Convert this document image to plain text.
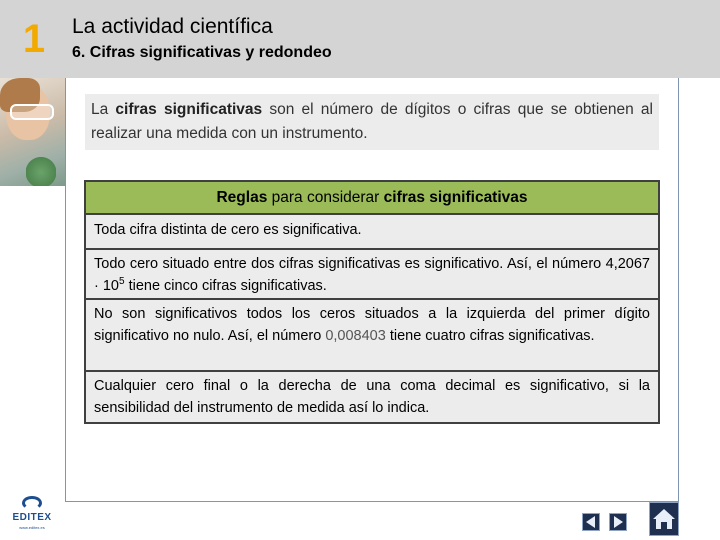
1	La actividad científica
6. Cifras significativas y redondeo
La cifras significativas son el número de dígitos o cifras que se obtienen al realizar una medida con un instrumento.
Reglas para considerar cifras significativas
Toda cifra distinta de cero es significativa.
Todo cero situado entre dos cifras significativas es significativo. Así, el número $4,2067 \cdot 10^5$ tiene cinco cifras significativas.
No son significativos todos los ceros situados a la izquierda del primer dígito significativo no nulo. Así, el número 0,008403 tiene cuatro cifras significativas.
Cualquier cero final o la derecha de una coma decimal es significativo, si la sensibilidad del instrumento de medida así lo indica.
EDITEX
www.editex.es
